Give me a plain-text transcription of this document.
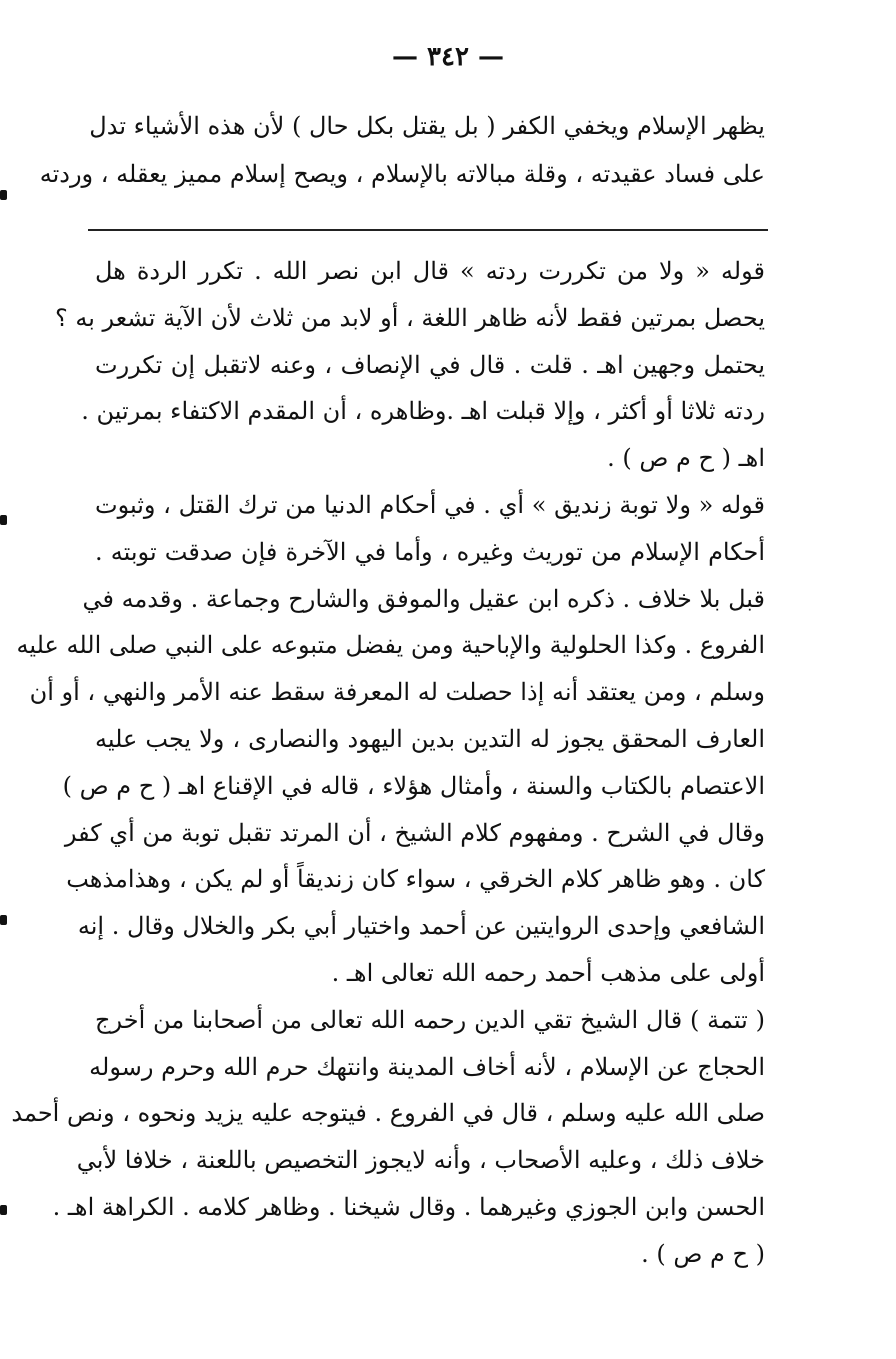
— ٣٤٢ —
يظهر الإسلام ويخفي الكفر ( بل يقتل بكل حال ) لأن هذه الأشياء تدل
على فساد عقيدته ، وقلة مبالاته بالإسلام ، ويصح إسلام مميز يعقله ، وردته
قوله « ولا من تكررت ردته » قال ابن نصر الله . تكرر الردة هل
يحصل بمرتين فقط لأنه ظاهر اللغة ، أو لابد من ثلاث لأن الآية تشعر به ؟
يحتمل وجهين اهـ . قلت . قال في الإنصاف ، وعنه لاتقبل إن تكررت
ردته ثلاثا أو أكثر ، وإلا قبلت اهـ .وظاهره ، أن المقدم الاكتفاء بمرتين .
اهـ ( ح م ص ) .
قوله « ولا توبة زنديق » أي . في أحكام الدنيا من ترك القتل ، وثبوت
أحكام الإسلام من توريث وغيره ، وأما في الآخرة فإن صدقت توبته .
قبل بلا خلاف . ذكره ابن عقيل والموفق والشارح وجماعة . وقدمه في
الفروع . وكذا الحلولية والإباحية ومن يفضل متبوعه على النبي صلى الله عليه
وسلم ، ومن يعتقد أنه إذا حصلت له المعرفة سقط عنه الأمر والنهي ، أو أن
العارف المحقق يجوز له التدين بدين اليهود والنصارى ، ولا يجب عليه
الاعتصام بالكتاب والسنة ، وأمثال هؤلاء ، قاله في الإقناع اهـ ( ح م ص )
وقال في الشرح . ومفهوم كلام الشيخ ، أن المرتد تقبل توبة من أي كفر
كان . وهو ظاهر كلام الخرقي ، سواء كان زنديقاً أو لم يكن ، وهذامذهب
الشافعي وإحدى الروايتين عن أحمد واختيار أبي بكر والخلال وقال . إنه
أولى على مذهب أحمد رحمه الله تعالى اهـ .
( تتمة ) قال الشيخ تقي الدين رحمه الله تعالى من أصحابنا من أخرج
الحجاج عن الإسلام ، لأنه أخاف المدينة وانتهك حرم الله وحرم رسوله
صلى الله عليه وسلم ، قال في الفروع . فيتوجه عليه يزيد ونحوه ، ونص أحمد
خلاف ذلك ، وعليه الأصحاب ، وأنه لايجوز التخصيص باللعنة ، خلافا لأبي
الحسن وابن الجوزي وغيرهما . وقال شيخنا . وظاهر كلامه . الكراهة اهـ .
( ح م ص ) .
